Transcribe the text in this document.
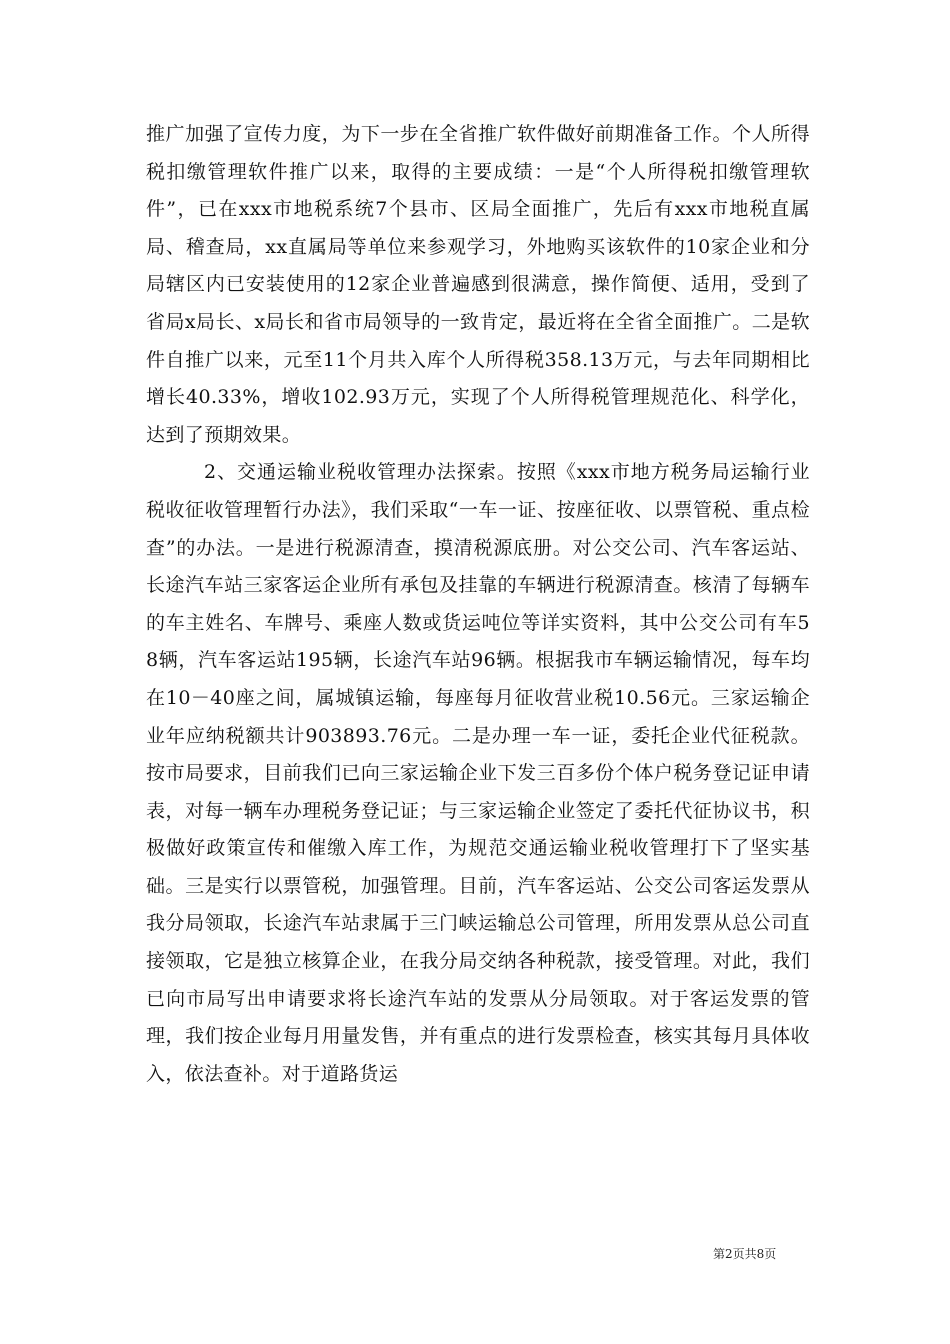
推广加强了宣传力度，为下一步在全省推广软件做好前期准备工作。个人所得税扣缴管理软件推广以来，取得的主要成绩：一是“个人所得税扣缴管理软件”，已在xxx市地税系统7个县市、区局全面推广，先后有xxx市地税直属局、稽查局，xx直属局等单位来参观学习，外地购买该软件的10家企业和分局辖区内已安装使用的12家企业普遍感到很满意，操作简便、适用，受到了省局x局长、x局长和省市局领导的一致肯定，最近将在全省全面推广。二是软件自推广以来，元至11个月共入库个人所得税358.13万元，与去年同期相比增长40.33%，增收102.93万元，实现了个人所得税管理规范化、科学化，达到了预期效果。

2、交通运输业税收管理办法探索。按照《xxx市地方税务局运输行业税收征收管理暂行办法》，我们采取“一车一证、按座征收、以票管税、重点检查”的办法。一是进行税源清查，摸清税源底册。对公交公司、汽车客运站、长途汽车站三家客运企业所有承包及挂靠的车辆进行税源清查。核清了每辆车的车主姓名、车牌号、乘座人数或货运吨位等详实资料，其中公交公司有车58辆，汽车客运站195辆，长途汽车站96辆。根据我市车辆运输情况，每车均在10－40座之间，属城镇运输，每座每月征收营业税10.56元。三家运输企业年应纳税额共计903893.76元。二是办理一车一证，委托企业代征税款。按市局要求，目前我们已向三家运输企业下发三百多份个体户税务登记证申请表，对每一辆车办理税务登记证；与三家运输企业签定了委托代征协议书，积极做好政策宣传和催缴入库工作，为规范交通运输业税收管理打下了坚实基础。三是实行以票管税，加强管理。目前，汽车客运站、公交公司客运发票从我分局领取，长途汽车站隶属于三门峡运输总公司管理，所用发票从总公司直接领取，它是独立核算企业，在我分局交纳各种税款，接受管理。对此，我们已向市局写出申请要求将长途汽车站的发票从分局领取。对于客运发票的管理，我们按企业每月用量发售，并有重点的进行发票检查，核实其每月具体收入，依法查补。对于道路货运

第2页共8页
